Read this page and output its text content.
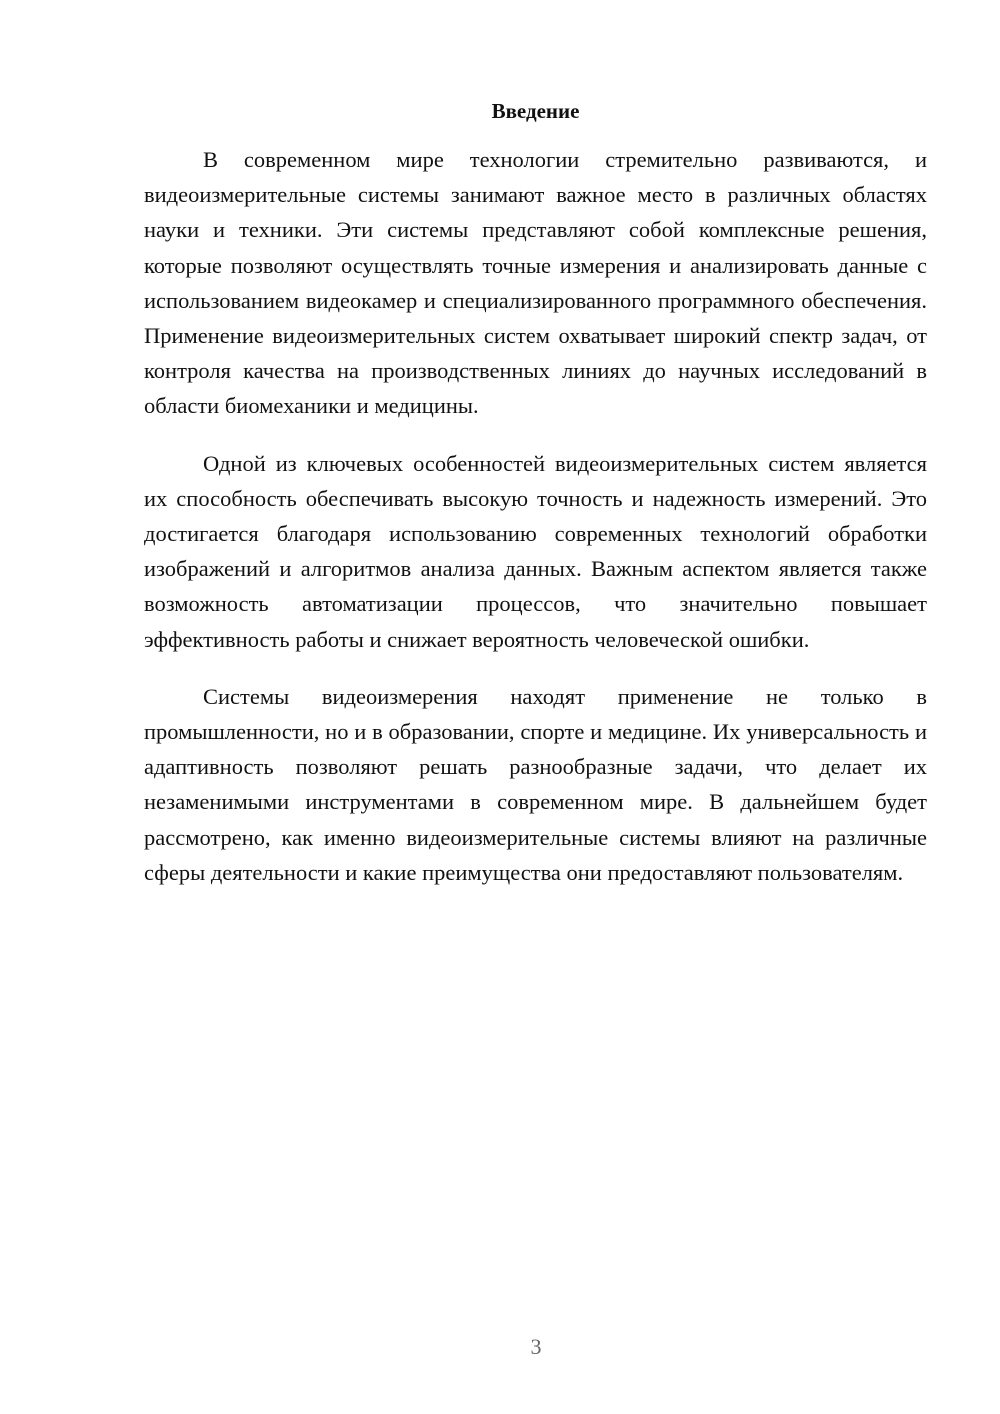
Введение

В современном мире технологии стремительно развиваются, и видеоизмерительные системы занимают важное место в различных областях науки и техники. Эти системы представляют собой комплексные решения, которые позволяют осуществлять точные измерения и анализировать данные с использованием видеокамер и специализированного программного обеспечения. Применение видеоизмерительных систем охватывает широкий спектр задач, от контроля качества на производственных линиях до научных исследований в области биомеханики и медицины.

Одной из ключевых особенностей видеоизмерительных систем является их способность обеспечивать высокую точность и надежность измерений. Это достигается благодаря использованию современных технологий обработки изображений и алгоритмов анализа данных. Важным аспектом является также возможность автоматизации процессов, что значительно повышает эффективность работы и снижает вероятность человеческой ошибки.

Системы видеоизмерения находят применение не только в промышленности, но и в образовании, спорте и медицине. Их универсальность и адаптивность позволяют решать разнообразные задачи, что делает их незаменимыми инструментами в современном мире. В дальнейшем будет рассмотрено, как именно видеоизмерительные системы влияют на различные сферы деятельности и какие преимущества они предоставляют пользователям.

3
